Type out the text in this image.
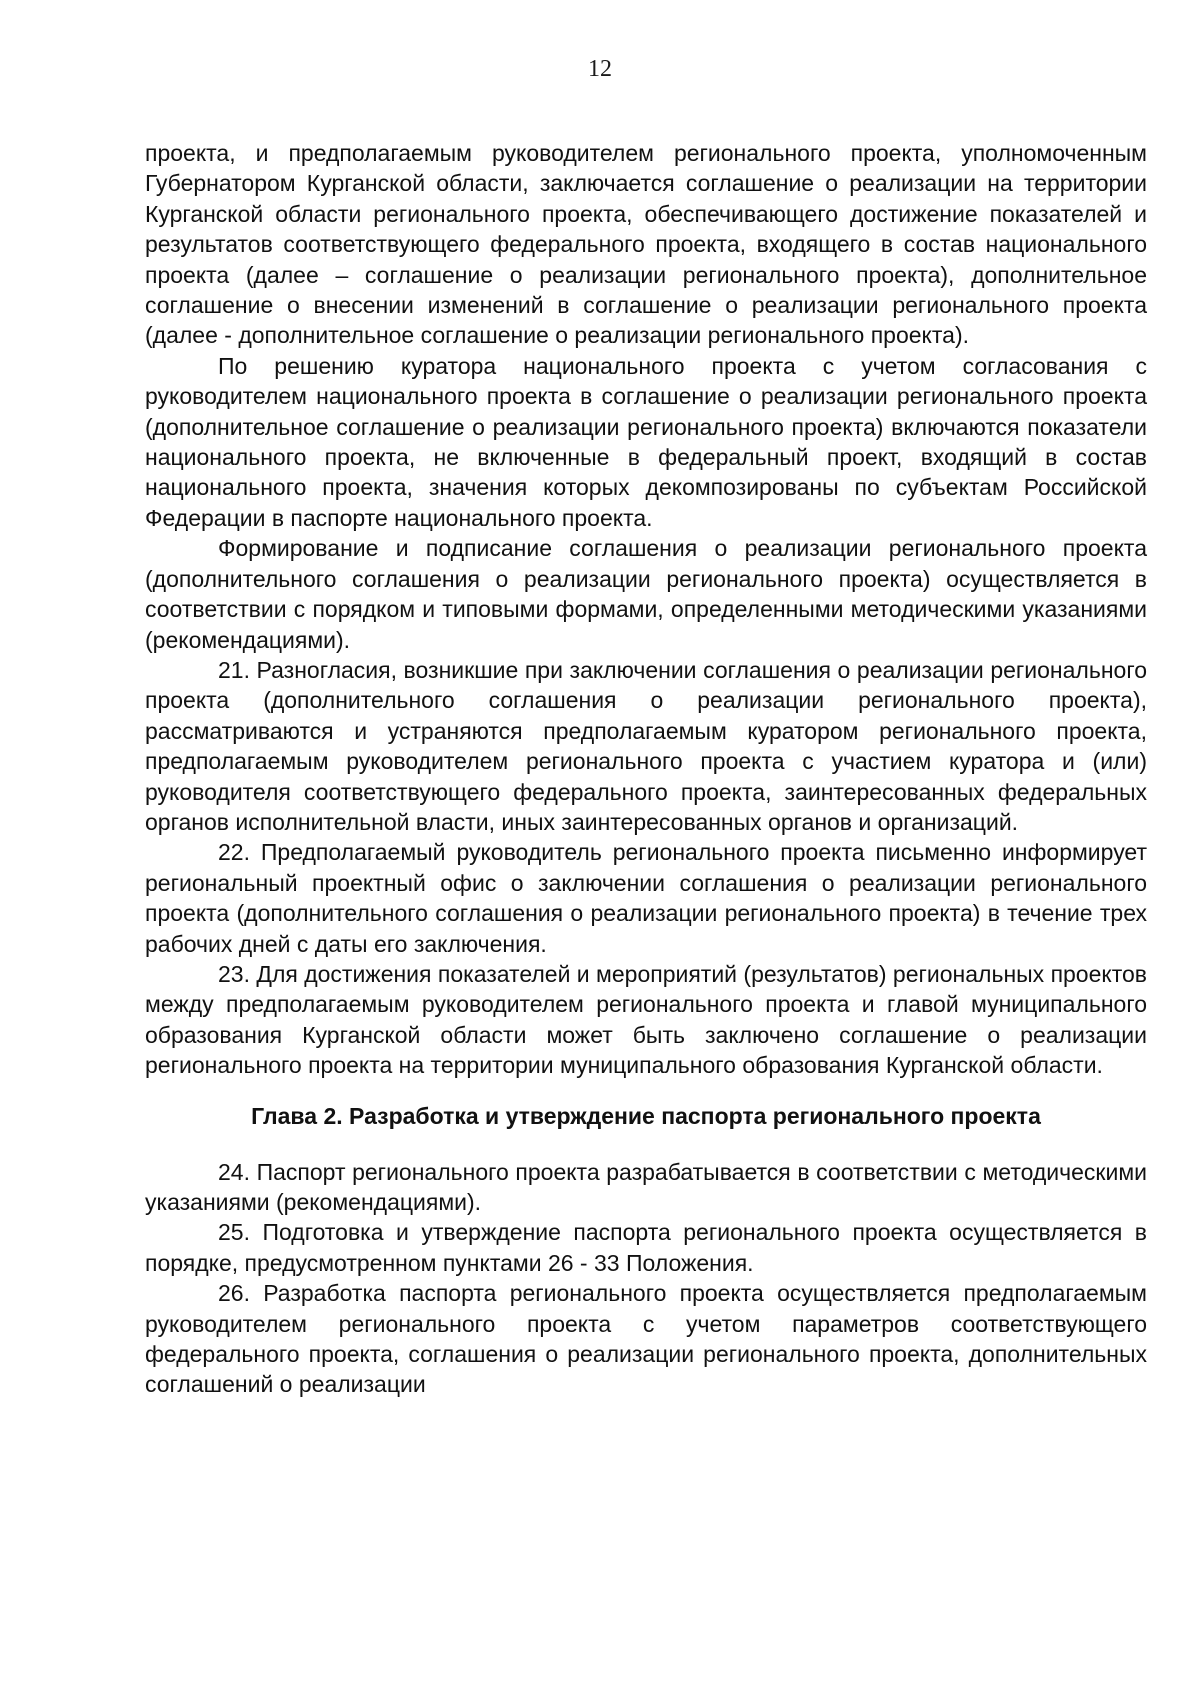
12

проекта, и предполагаемым руководителем регионального проекта, уполномоченным Губернатором Курганской области, заключается соглашение о реализации на территории Курганской области регионального проекта, обеспечивающего достижение показателей и результатов соответствующего федерального проекта, входящего в состав национального проекта (далее – соглашение о реализации регионального проекта), дополнительное соглашение о внесении изменений в соглашение о реализации регионального проекта (далее - дополнительное соглашение о реализации регионального проекта).

По решению куратора национального проекта с учетом согласования с руководителем национального проекта в соглашение о реализации регионального проекта (дополнительное соглашение о реализации регионального проекта) включаются показатели национального проекта, не включенные в федеральный проект, входящий в состав национального проекта, значения которых декомпозированы по субъектам Российской Федерации в паспорте национального проекта.

Формирование и подписание соглашения о реализации регионального проекта (дополнительного соглашения о реализации регионального проекта) осуществляется в соответствии с порядком и типовыми формами, определенными методическими указаниями (рекомендациями).

21. Разногласия, возникшие при заключении соглашения о реализации регионального проекта (дополнительного соглашения о реализации регионального проекта), рассматриваются и устраняются предполагаемым куратором регионального проекта, предполагаемым руководителем регионального проекта с участием куратора и (или) руководителя соответствующего федерального проекта, заинтересованных федеральных органов исполнительной власти, иных заинтересованных органов и организаций.

22. Предполагаемый руководитель регионального проекта письменно информирует региональный проектный офис о заключении соглашения о реализации регионального проекта (дополнительного соглашения о реализации регионального проекта) в течение трех рабочих дней с даты его заключения.

23. Для достижения показателей и мероприятий (результатов) региональных проектов между предполагаемым руководителем регионального проекта и главой муниципального образования Курганской области может быть заключено соглашение о реализации регионального проекта на территории муниципального образования Курганской области.

Глава 2. Разработка и утверждение паспорта регионального проекта

24. Паспорт регионального проекта разрабатывается в соответствии с методическими указаниями (рекомендациями).

25. Подготовка и утверждение паспорта регионального проекта осуществляется в порядке, предусмотренном пунктами 26 - 33 Положения.

26. Разработка паспорта регионального проекта осуществляется предполагаемым руководителем регионального проекта с учетом параметров соответствующего федерального проекта, соглашения о реализации регионального проекта, дополнительных соглашений о реализации
